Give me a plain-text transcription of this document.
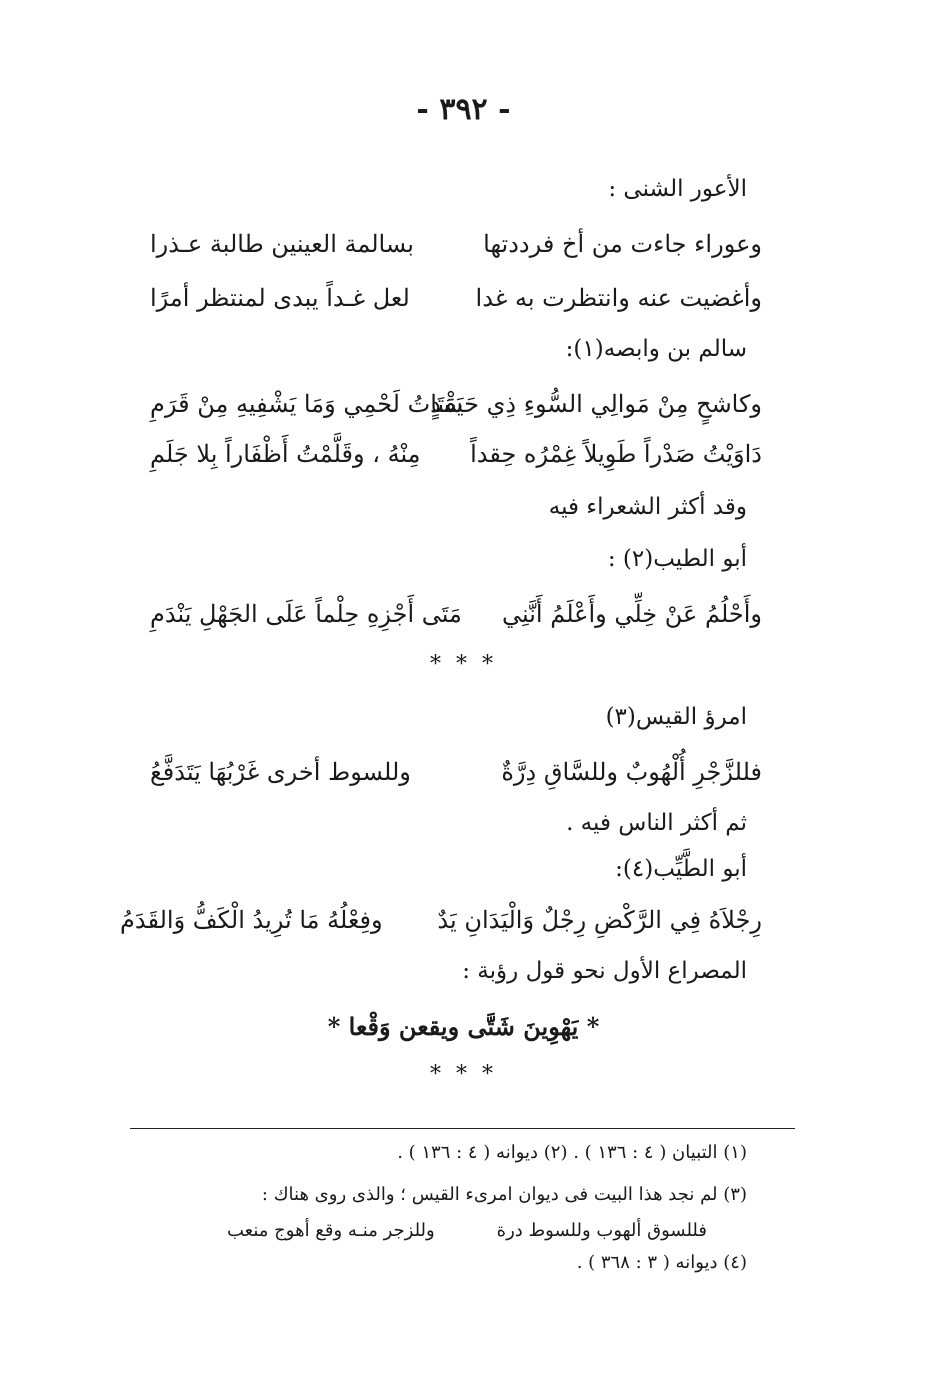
- ٣٩٢ -
الأعور الشنى :
وعوراء جاءت من أخ فرددتها
بسالمة العينين طالبة عـذرا
وأغضيت عنه وانتظرت به غدا
لعل غـداً يبدى لمنتظر أمرًا
سالم بن وابصه(١):
وكاشحٍ مِنْ مَوالِي السُّوءِ ذِي حَسَدٍ
يَقْتَاتُ لَحْمِي وَمَا يَشْفِيهِ مِنْ قَرَمِ
دَاوَيْتُ صَدْراً طَوِيلاً غِمْرُه حِقداً
مِنْهُ ، وقَلَّمْتُ أَظْفَاراً بِلا جَلَمِ
وقد أكثر الشعراء فيه
أبو الطيب(٢) :
وأَحْلُمُ عَنْ خِلِّي وأَعْلَمُ أَنَّنِي
مَتَى أَجْزِهِ حِلْماً عَلَى الجَهْلِ يَنْدَمِ
* * *
امرؤ القيس(٣)
فللزَّجْرِ أُلْهُوبٌ وللسَّاقِ دِرَّةٌ
وللسوط أخرى غَرْبُهَا يَتَدَفَّعُ
ثم أكثر الناس فيه .
أبو الطَّيِّب(٤):
رِجْلاَهُ فِي الرَّكْضِ رِجْلٌ وَالْيَدَانِ يَدٌ
وفِعْلُهُ مَا تُرِيدُ الْكَفُّ وَالقَدَمُ
المصراع الأول نحو قول رؤبة :
* يَهْوِينَ شَتَّى ويقعن وَقْعا *
* * *
(١) التبيان ( ٤ : ١٣٦ ) . (٢) ديوانه ( ٤ : ١٣٦ ) .
(٣) لم نجد هذا البيت فى ديوان امرىء القيس ؛ والذى روى هناك :
فللسوق ألهوب وللسوط درة
وللزجر منـه وقع أهوج منعب
(٤) ديوانه ( ٣ : ٣٦٨ ) .
